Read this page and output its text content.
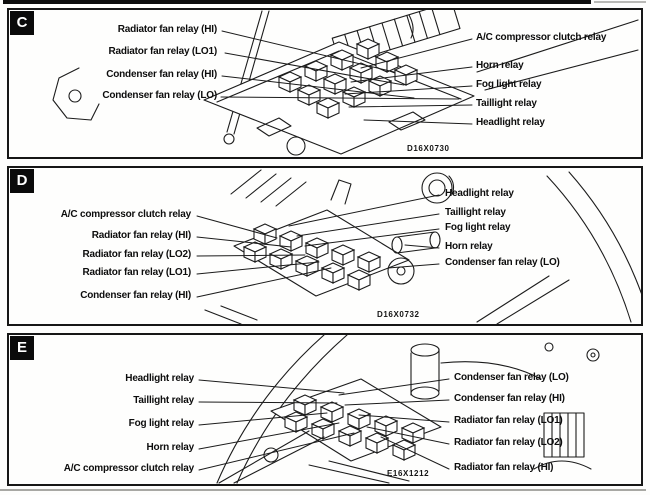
C	Radiator fan relay (HI)
Radiator fan relay (LO1)
Condenser fan relay (HI)
Condenser fan relay (LO)
A/C compressor clutch relay
Horn relay
Fog light relay
Taillight relay
Headlight relay
D16X0730
D
A/C compressor clutch relay
Radiator fan relay (HI)
Radiator fan relay (LO2)
Radiator fan relay (LO1)
Condenser fan relay (HI)
Headlight relay
Taillight relay
Fog light relay
Horn relay
Condenser fan relay (LO)
D16X0732
E
Headlight relay
Taillight relay
Fog light relay
Horn relay
A/C compressor clutch relay
Condenser fan relay (LO)
Condenser fan relay (HI)
Radiator fan relay (LO1)
Radiator fan relay (LO2)
Radiator fan relay (HI)
E16X1212
